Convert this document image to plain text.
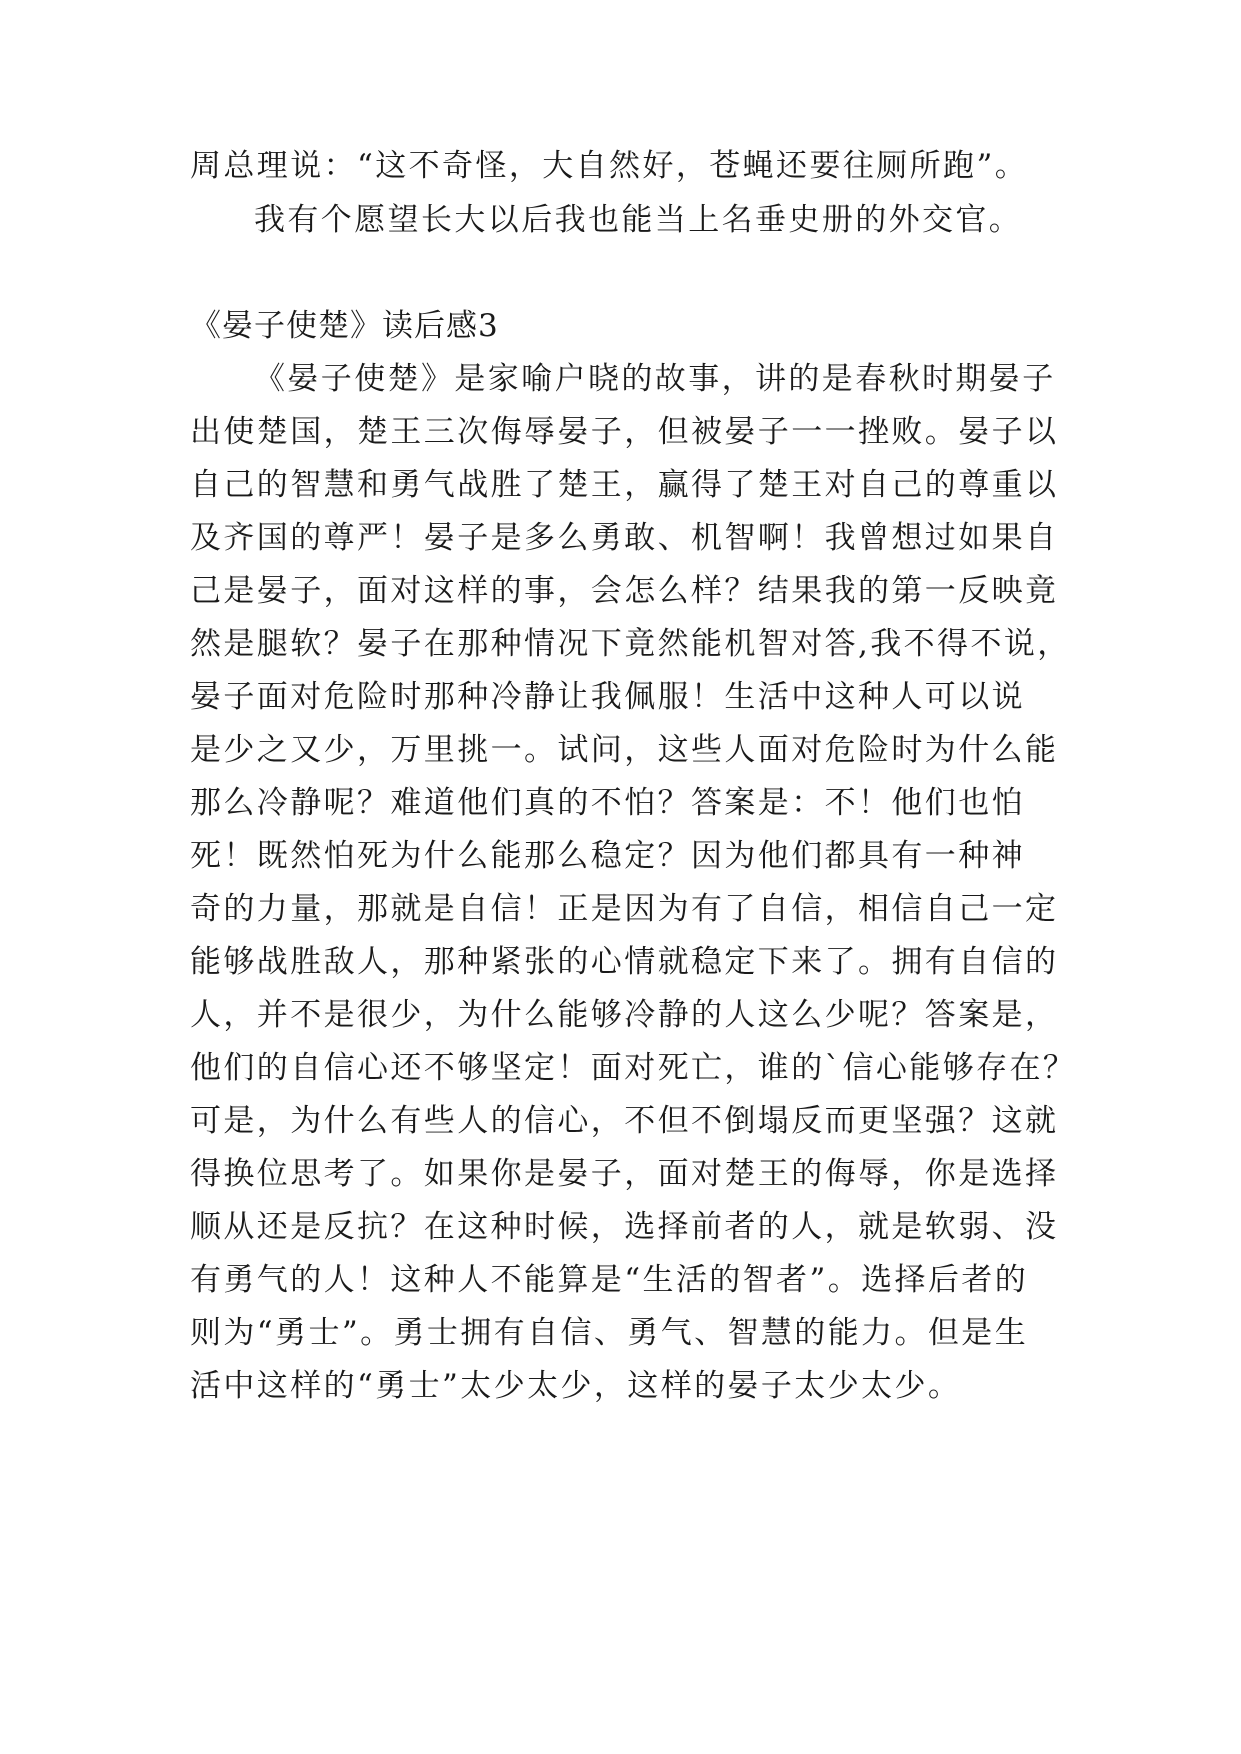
周总理说：“这不奇怪，大自然好，苍蝇还要往厕所跑”。
我有个愿望长大以后我也能当上名垂史册的外交官。
《晏子使楚》读后感3
《晏子使楚》是家喻户晓的故事，讲的是春秋时期晏子
出使楚国，楚王三次侮辱晏子，但被晏子一一挫败。晏子以
自己的智慧和勇气战胜了楚王，赢得了楚王对自己的尊重以
及齐国的尊严！晏子是多么勇敢、机智啊！我曾想过如果自
己是晏子，面对这样的事，会怎么样？结果我的第一反映竟
然是腿软？晏子在那种情况下竟然能机智对答,我不得不说，
晏子面对危险时那种冷静让我佩服！生活中这种人可以说
是少之又少，万里挑一。试问，这些人面对危险时为什么能
那么冷静呢？难道他们真的不怕？答案是：不！他们也怕
死！既然怕死为什么能那么稳定？因为他们都具有一种神
奇的力量，那就是自信！正是因为有了自信，相信自己一定
能够战胜敌人，那种紧张的心情就稳定下来了。拥有自信的
人，并不是很少，为什么能够冷静的人这么少呢？答案是，
他们的自信心还不够坚定！面对死亡，谁的`信心能够存在？
可是，为什么有些人的信心，不但不倒塌反而更坚强？这就
得换位思考了。如果你是晏子，面对楚王的侮辱，你是选择
顺从还是反抗？在这种时候，选择前者的人，就是软弱、没
有勇气的人！这种人不能算是“生活的智者”。选择后者的
则为“勇士”。勇士拥有自信、勇气、智慧的能力。但是生
活中这样的“勇士”太少太少，这样的晏子太少太少。
